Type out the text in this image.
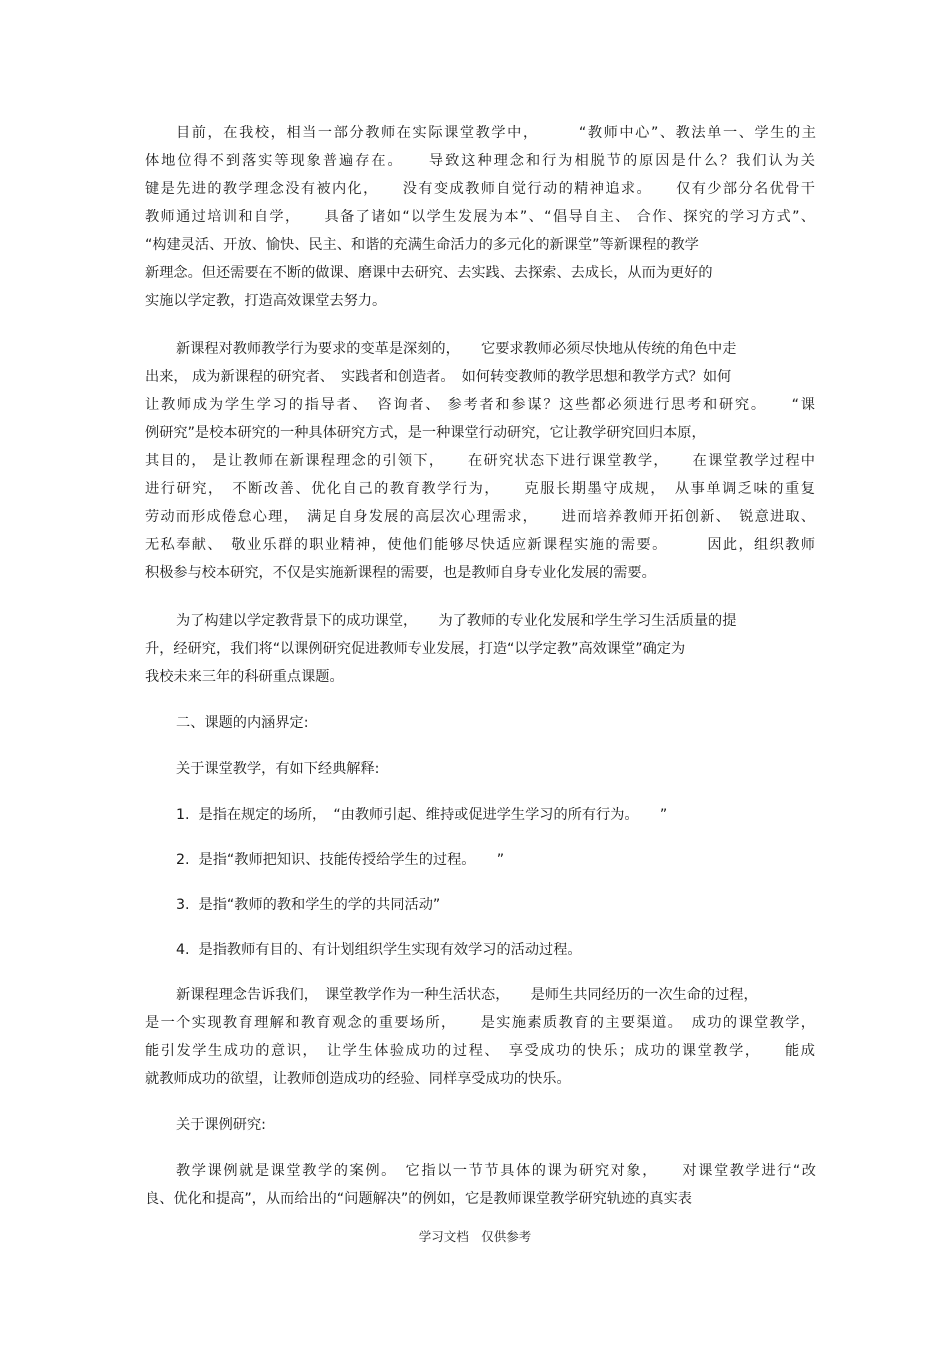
目前，在我校，相当一部分教师在实际课堂教学中，　　　“教师中心”、教法单一、学生的主
体地位得不到落实等现象普遍存在。　　导致这种理念和行为相脱节的原因是什么？我们认为关
键是先进的教学理念没有被内化，　　没有变成教师自觉行动的精神追求。　　仅有少部分名优骨干
教师通过培训和自学，　　具备了诸如“以学生发展为本”、“倡导自主、 合作、探究的学习方式”、
“构建灵活、开放、愉快、民主、和谐的充满生命活力的多元化的新课堂”等新课程的教学
新理念。但还需要在不断的做课、磨课中去研究、去实践、去探索、去成长，从而为更好的
实施以学定教，打造高效课堂去努力。
新课程对教师教学行为要求的变革是深刻的，　　它要求教师必须尽快地从传统的角色中走
出来， 成为新课程的研究者、　实践者和创造者。　如何转变教师的教学思想和教学方式？如何
让教师成为学生学习的指导者、　咨询者、 参考者和参谋？这些都必须进行思考和研究。　　“课
例研究”是校本研究的一种具体研究方式，是一种课堂行动研究，它让教学研究回归本原，
其目的， 是让教师在新课程理念的引领下，　　在研究状态下进行课堂教学，　　在课堂教学过程中
进行研究，　不断改善、优化自己的教育教学行为，　　克服长期墨守成规，　从事单调乏味的重复
劳动而形成倦怠心理，　满足自身发展的高层次心理需求，　　进而培养教师开拓创新、　锐意进取、
无私奉献、　敬业乐群的职业精神，使他们能够尽快适应新课程实施的需要。　　　因此，组织教师
积极参与校本研究，不仅是实施新课程的需要，也是教师自身专业化发展的需要。
为了构建以学定教背景下的成功课堂，　　为了教师的专业化发展和学生学习生活质量的提
升，经研究，我们将“以课例研究促进教师专业发展，打造“以学定教”高效课堂”确定为
我校未来三年的科研重点课题。
二、课题的内涵界定:
关于课堂教学，有如下经典解释:
1.  是指在规定的场所，　“由教师引起、维持或促进学生学习的所有行为。　　”
2.  是指“教师把知识、技能传授给学生的过程。　　”
3.  是指“教师的教和学生的学的共同活动”
4.  是指教师有目的、有计划组织学生实现有效学习的活动过程。
新课程理念告诉我们，　课堂教学作为一种生活状态，　　是师生共同经历的一次生命的过程，
是一个实现教育理解和教育观念的重要场所，　　是实施素质教育的主要渠道。　成功的课堂教学，
能引发学生成功的意识，　让学生体验成功的过程、　享受成功的快乐；成功的课堂教学，　　能成
就教师成功的欲望，让教师创造成功的经验、同样享受成功的快乐。
关于课例研究:
教学课例就是课堂教学的案例。　它指以一节节具体的课为研究对象，　　对课堂教学进行“改
良、优化和提高”，从而给出的“问题解决”的例如，它是教师课堂教学研究轨迹的真实表
学习文档　仅供参考
